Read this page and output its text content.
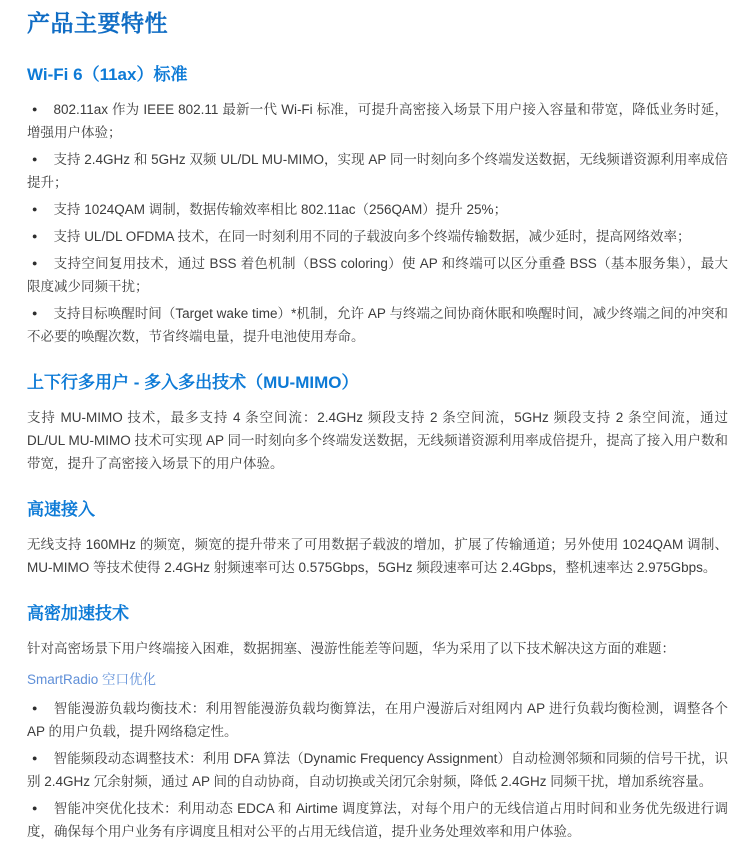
产品主要特性
Wi-Fi 6（11ax）标准

● 802.11ax 作为 IEEE 802.11 最新一代 Wi-Fi 标准，可提升高密接入场景下用户接入容量和带宽，降低业务时延，增强用户体验；

● 支持 2.4GHz 和 5GHz 双频 UL/DL MU-MIMO，实现 AP 同一时刻向多个终端发送数据，无线频谱资源利用率成倍提升；

● 支持 1024QAM 调制，数据传输效率相比 802.11ac（256QAM）提升 25%；

● 支持 UL/DL OFDMA 技术，在同一时刻利用不同的子载波向多个终端传输数据，减少延时，提高网络效率；

● 支持空间复用技术，通过 BSS 着色机制（BSS coloring）使 AP 和终端可以区分重叠 BSS（基本服务集），最大限度减少同频干扰；

● 支持目标唤醒时间（Target wake time）*机制，允许 AP 与终端之间协商休眠和唤醒时间，减少终端之间的冲突和不必要的唤醒次数，节省终端电量，提升电池使用寿命。

上下行多用户 - 多入多出技术（MU-MIMO）

支持 MU-MIMO 技术，最多支持 4 条空间流：2.4GHz 频段支持 2 条空间流，5GHz 频段支持 2 条空间流，通过 DL/UL MU-MIMO 技术可实现 AP 同一时刻向多个终端发送数据，无线频谱资源利用率成倍提升，提高了接入用户数和带宽，提升了高密接入场景下的用户体验。

高速接入

无线支持 160MHz 的频宽，频宽的提升带来了可用数据子载波的增加，扩展了传输通道；另外使用 1024QAM 调制、MU-MIMO 等技术使得 2.4GHz 射频速率可达 0.575Gbps，5GHz 频段速率可达 2.4Gbps，整机速率达 2.975Gbps。

高密加速技术

针对高密场景下用户终端接入困难，数据拥塞、漫游性能差等问题，华为采用了以下技术解决这方面的难题：

SmartRadio 空口优化

● 智能漫游负载均衡技术：利用智能漫游负载均衡算法，在用户漫游后对组网内 AP 进行负载均衡检测，调整各个 AP 的用户负载，提升网络稳定性。

● 智能频段动态调整技术：利用 DFA 算法（Dynamic Frequency Assignment）自动检测邻频和同频的信号干扰，识别 2.4GHz 冗余射频，通过 AP 间的自动协商，自动切换或关闭冗余射频，降低 2.4GHz 同频干扰，增加系统容量。

● 智能冲突优化技术：利用动态 EDCA 和 Airtime 调度算法，对每个用户的无线信道占用时间和业务优先级进行调度，确保每个用户业务有序调度且相对公平的占用无线信道，提升业务处理效率和用户体验。
